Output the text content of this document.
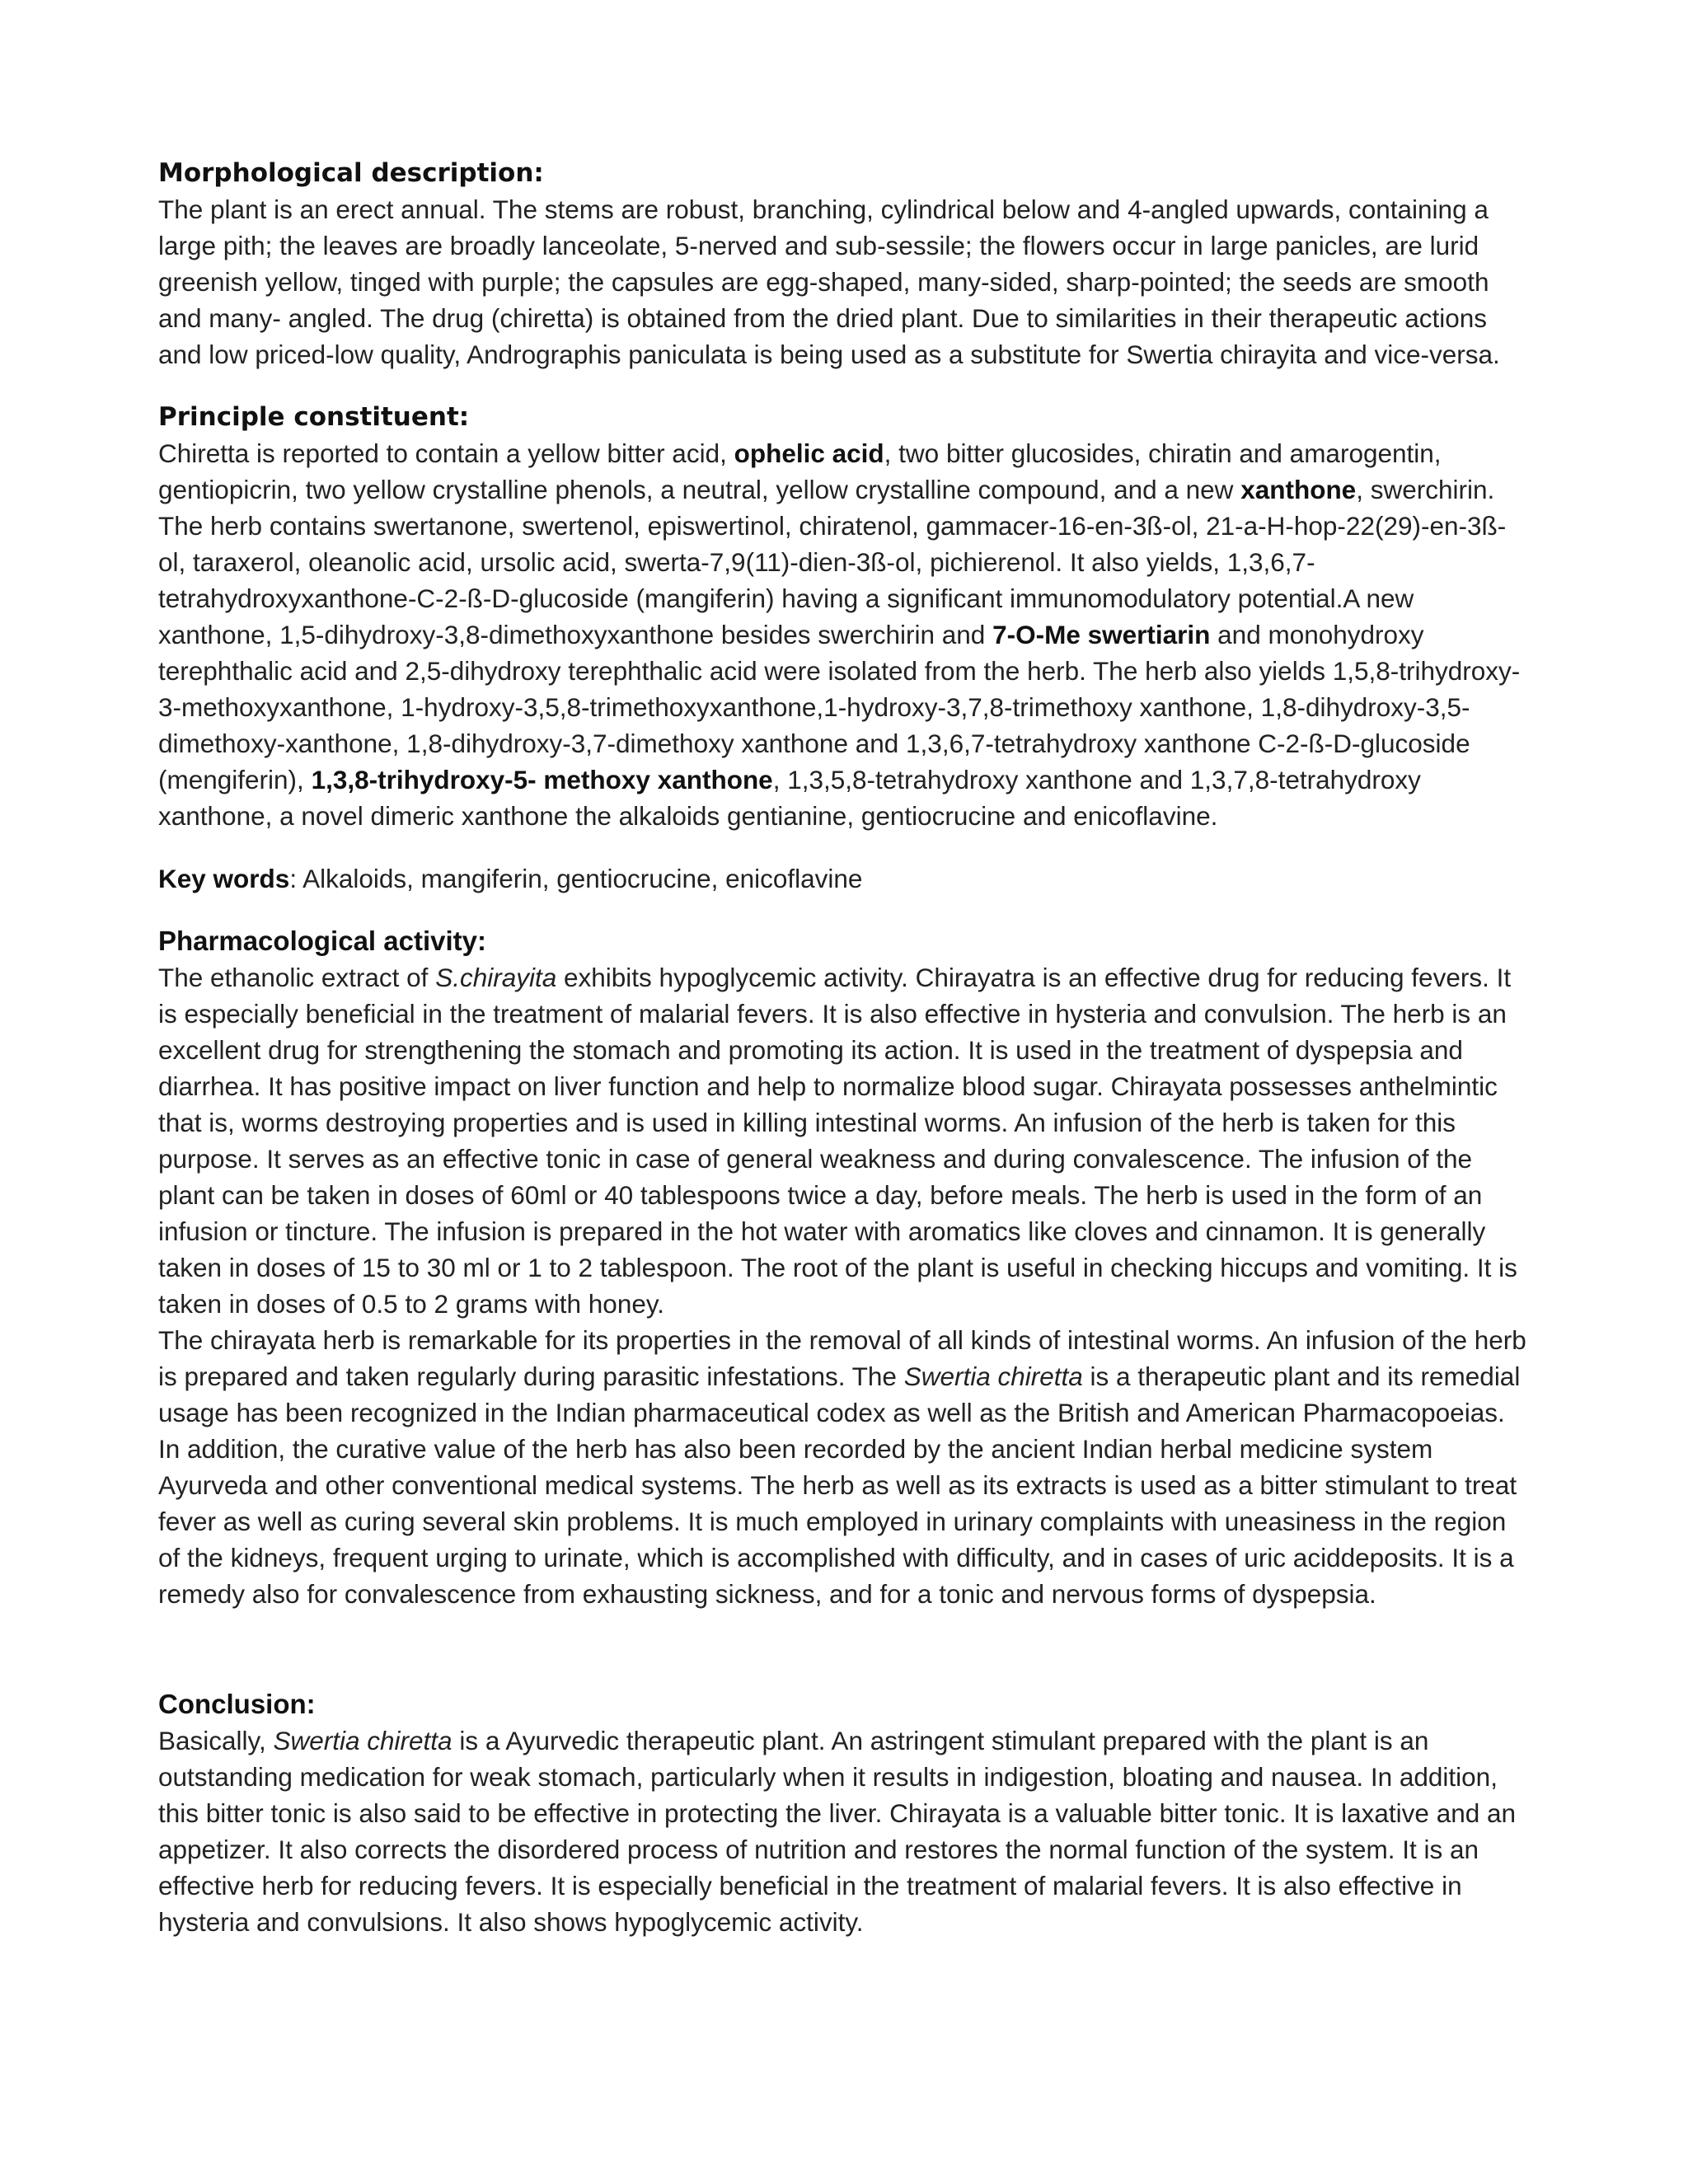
Morphological description:

The plant is an erect annual. The stems are robust, branching, cylindrical below and 4-angled upwards, containing a large pith; the leaves are broadly lanceolate, 5-nerved and sub-sessile; the flowers occur in large panicles, are lurid greenish yellow, tinged with purple; the capsules are egg-shaped, many-sided, sharp-pointed; the seeds are smooth and many- angled. The drug (chiretta) is obtained from the dried plant. Due to similarities in their therapeutic actions and low priced-low quality, Andrographis paniculata is being used as a substitute for Swertia chirayita and vice-versa.

Principle constituent:

Chiretta is reported to contain a yellow bitter acid, ophelic acid, two bitter glucosides, chiratin and amarogentin, gentiopicrin, two yellow crystalline phenols, a neutral, yellow crystalline compound, and a new xanthone, swerchirin. The herb contains swertanone, swertenol, episwertinol, chiratenol, gammacer-16-en-3ß-ol, 21-a-H-hop-22(29)-en-3ß-ol, taraxerol, oleanolic acid, ursolic acid, swerta-7,9(11)-dien-3ß-ol, pichierenol. It also yields, 1,3,6,7-tetrahydroxyxanthone-C-2-ß-D-glucoside (mangiferin) having a significant immunomodulatory potential.A new xanthone, 1,5-dihydroxy-3,8-dimethoxyxanthone besides swerchirin and 7-O-Me swertiarin and monohydroxy terephthalic acid and 2,5-dihydroxy terephthalic acid were isolated from the herb. The herb also yields 1,5,8-trihydroxy-3-methoxyxanthone, 1-hydroxy-3,5,8-trimethoxyxanthone,1-hydroxy-3,7,8-trimethoxy xanthone, 1,8-dihydroxy-3,5-dimethoxy-xanthone, 1,8-dihydroxy-3,7-dimethoxy xanthone and 1,3,6,7-tetrahydroxy xanthone C-2-ß-D-glucoside (mengiferin), 1,3,8-trihydroxy-5- methoxy xanthone, 1,3,5,8-tetrahydroxy xanthone and 1,3,7,8-tetrahydroxy xanthone, a novel dimeric xanthone the alkaloids gentianine, gentiocrucine and enicoflavine.

Key words: Alkaloids, mangiferin, gentiocrucine, enicoflavine

Pharmacological activity:

The ethanolic extract of S.chirayita exhibits hypoglycemic activity. Chirayatra is an effective drug for reducing fevers. It is especially beneficial in the treatment of malarial fevers. It is also effective in hysteria and convulsion. The herb is an excellent drug for strengthening the stomach and promoting its action. It is used in the treatment of dyspepsia and diarrhea. It has positive impact on liver function and help to normalize blood sugar. Chirayata possesses anthelmintic that is, worms destroying properties and is used in killing intestinal worms. An infusion of the herb is taken for this purpose. It serves as an effective tonic in case of general weakness and during convalescence. The infusion of the plant can be taken in doses of 60ml or 40 tablespoons twice a day, before meals. The herb is used in the form of an infusion or tincture. The infusion is prepared in the hot water with aromatics like cloves and cinnamon. It is generally taken in doses of 15 to 30 ml or 1 to 2 tablespoon. The root of the plant is useful in checking hiccups and vomiting. It is taken in doses of 0.5 to 2 grams with honey.

The chirayata herb is remarkable for its properties in the removal of all kinds of intestinal worms. An infusion of the herb is prepared and taken regularly during parasitic infestations. The Swertia chiretta is a therapeutic plant and its remedial usage has been recognized in the Indian pharmaceutical codex as well as the British and American Pharmacopoeias. In addition, the curative value of the herb has also been recorded by the ancient Indian herbal medicine system Ayurveda and other conventional medical systems. The herb as well as its extracts is used as a bitter stimulant to treat fever as well as curing several skin problems. It is much employed in urinary complaints with uneasiness in the region of the kidneys, frequent urging to urinate, which is accomplished with difficulty, and in cases of uric aciddeposits. It is a remedy also for convalescence from exhausting sickness, and for a tonic and nervous forms of dyspepsia.

Conclusion:

Basically, Swertia chiretta is a Ayurvedic therapeutic plant. An astringent stimulant prepared with the plant is an outstanding medication for weak stomach, particularly when it results in indigestion, bloating and nausea. In addition, this bitter tonic is also said to be effective in protecting the liver. Chirayata is a valuable bitter tonic. It is laxative and an appetizer. It also corrects the disordered process of nutrition and restores the normal function of the system. It is an effective herb for reducing fevers. It is especially beneficial in the treatment of malarial fevers. It is also effective in hysteria and convulsions. It also shows hypoglycemic activity.
